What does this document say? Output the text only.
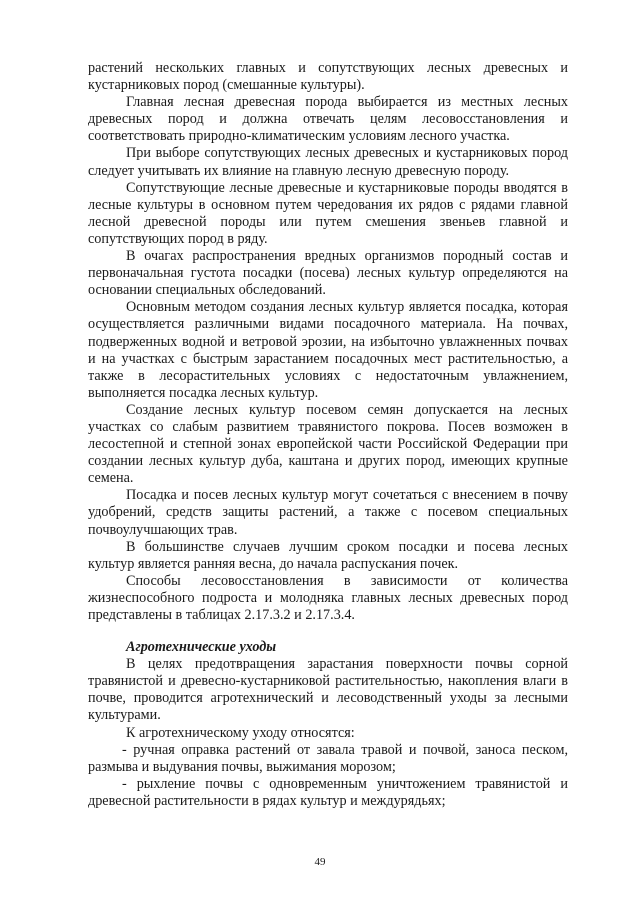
растений нескольких главных и сопутствующих лесных древесных и кустарниковых пород (смешанные культуры).

Главная лесная древесная порода выбирается из местных лесных древесных пород и должна отвечать целям лесовосстановления и соответствовать природно-климатическим условиям лесного участка.

При выборе сопутствующих лесных древесных и кустарниковых пород следует учитывать их влияние на главную лесную древесную породу.

Сопутствующие лесные древесные и кустарниковые породы вводятся в лесные культуры в основном путем чередования их рядов с рядами главной лесной древесной породы или путем смешения звеньев главной и сопутствующих пород в ряду.

В очагах распространения вредных организмов породный состав и первоначальная густота посадки (посева) лесных культур определяются на основании специальных обследований.

Основным методом создания лесных культур является посадка, которая осуществляется различными видами посадочного материала. На почвах, подверженных водной и ветровой эрозии, на избыточно увлажненных почвах и на участках с быстрым зарастанием посадочных мест растительностью, а также в лесорастительных условиях с недостаточным увлажнением, выполняется посадка лесных культур.

Создание лесных культур посевом семян допускается на лесных участках со слабым развитием травянистого покрова. Посев возможен в лесостепной и степной зонах европейской части Российской Федерации при создании лесных культур дуба, каштана и других пород, имеющих крупные семена.

Посадка и посев лесных культур могут сочетаться с внесением в почву удобрений, средств защиты растений, а также с посевом специальных почвоулучшающих трав.

В большинстве случаев лучшим сроком посадки и посева лесных культур является ранняя весна, до начала распускания почек.

Способы лесовосстановления в зависимости от количества жизнеспособного подроста и молодняка главных лесных древесных пород представлены в таблицах 2.17.3.2 и 2.17.3.4.

Агротехнические уходы

В целях предотвращения зарастания поверхности почвы сорной травянистой и древесно-кустарниковой растительностью, накопления влаги в почве, проводится агротехнический и лесоводственный уходы за лесными культурами.

К агротехническому уходу относятся:

- ручная оправка растений от завала травой и почвой, заноса песком, размыва и выдувания почвы, выжимания морозом;

- рыхление почвы с одновременным уничтожением травянистой и древесной растительности в рядах культур и междурядьях;

49
